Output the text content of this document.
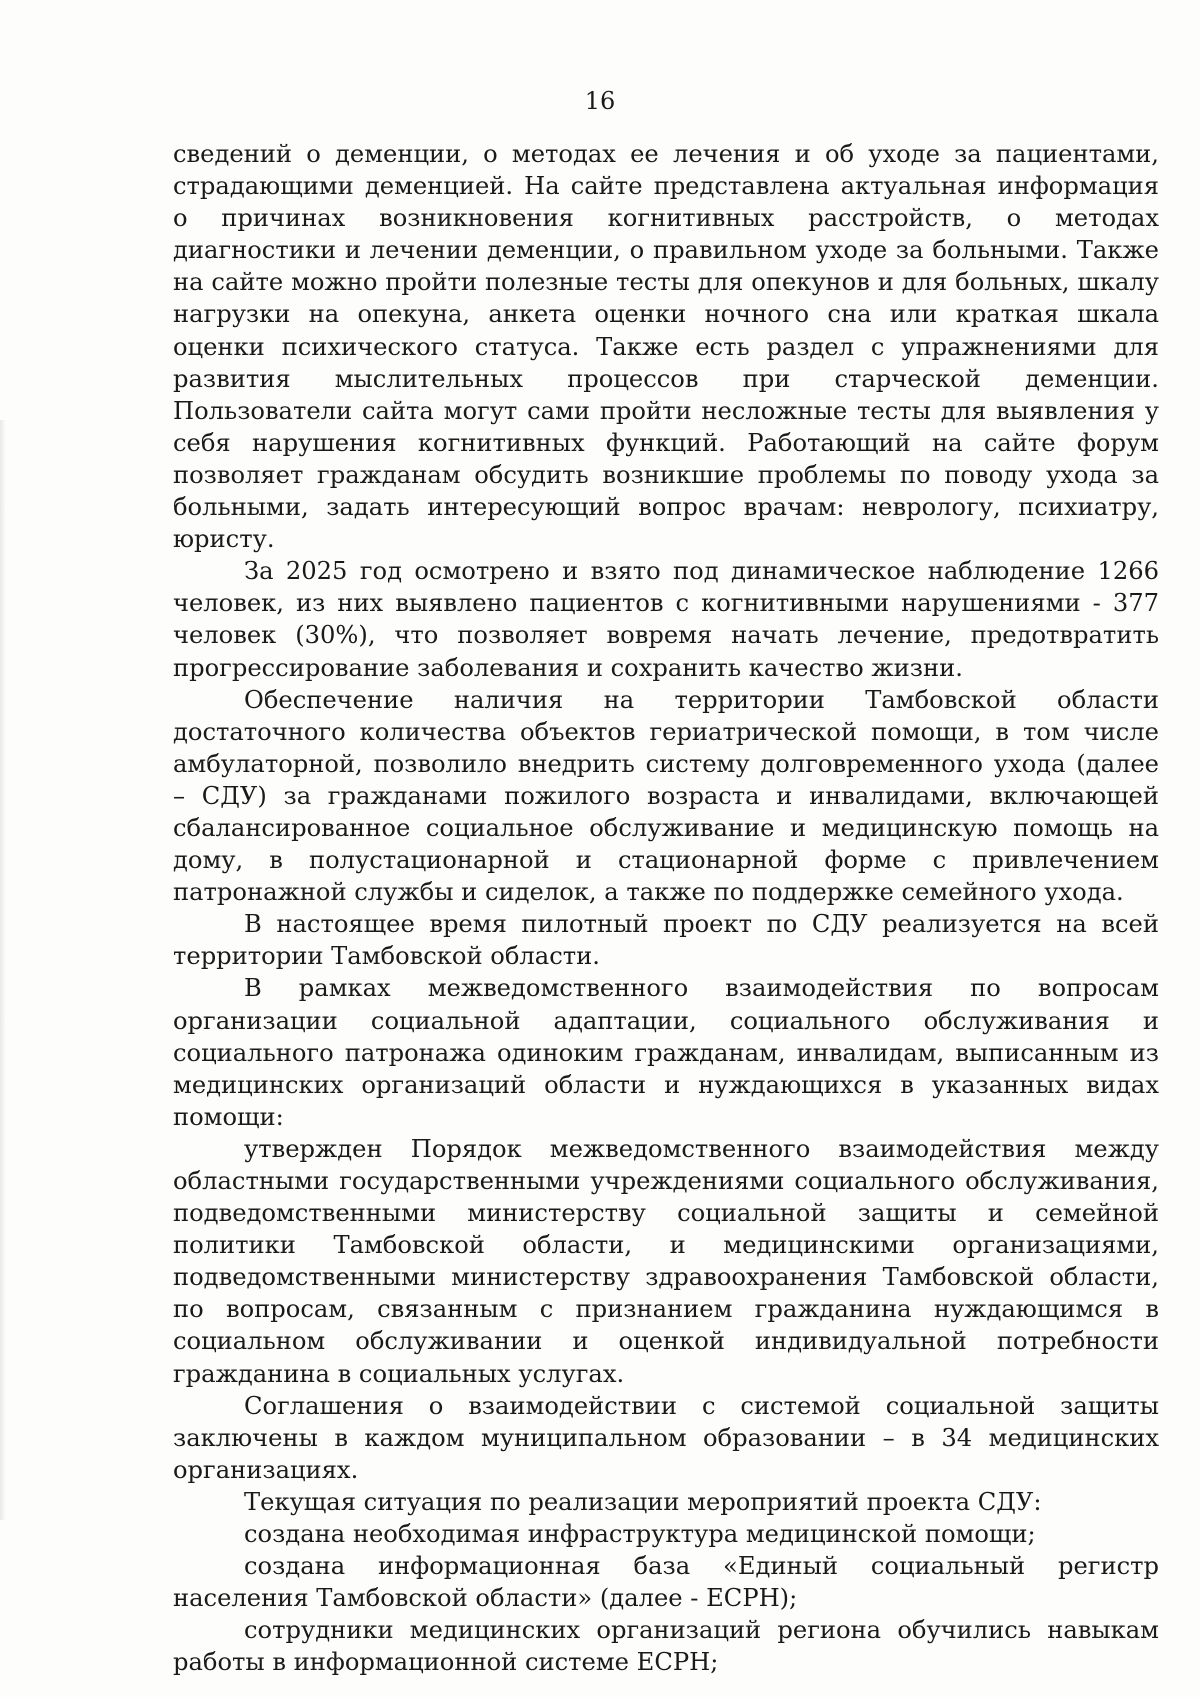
16

сведений о деменции, о методах ее лечения и об уходе за пациентами, страдающими деменцией. На сайте представлена актуальная информация о причинах возникновения когнитивных расстройств, о методах диагностики и лечении деменции, о правильном уходе за больными. Также на сайте можно пройти полезные тесты для опекунов и для больных, шкалу нагрузки на опекуна, анкета оценки ночного сна или краткая шкала оценки психического статуса. Также есть раздел с упражнениями для развития мыслительных процессов при старческой деменции. Пользователи сайта могут сами пройти несложные тесты для выявления у себя нарушения когнитивных функций. Работающий на сайте форум позволяет гражданам обсудить возникшие проблемы по поводу ухода за больными, задать интересующий вопрос врачам: неврологу, психиатру, юристу.

За 2025 год осмотрено и взято под динамическое наблюдение 1266 человек, из них выявлено пациентов с когнитивными нарушениями - 377 человек (30%), что позволяет вовремя начать лечение, предотвратить прогрессирование заболевания и сохранить качество жизни.

Обеспечение наличия на территории Тамбовской области достаточного количества объектов гериатрической помощи, в том числе амбулаторной, позволило внедрить систему долговременного ухода (далее – СДУ) за гражданами пожилого возраста и инвалидами, включающей сбалансированное социальное обслуживание и медицинскую помощь на дому, в полустационарной и стационарной форме с привлечением патронажной службы и сиделок, а также по поддержке семейного ухода.

В настоящее время пилотный проект по СДУ реализуется на всей территории Тамбовской области.

В рамках межведомственного взаимодействия по вопросам организации социальной адаптации, социального обслуживания и социального патронажа одиноким гражданам, инвалидам, выписанным из медицинских организаций области и нуждающихся в указанных видах помощи:

утвержден Порядок межведомственного взаимодействия между областными государственными учреждениями социального обслуживания, подведомственными министерству социальной защиты и семейной политики Тамбовской области, и медицинскими организациями, подведомственными министерству здравоохранения Тамбовской области, по вопросам, связанным с признанием гражданина нуждающимся в социальном обслуживании и оценкой индивидуальной потребности гражданина в социальных услугах.

Соглашения о взаимодействии с системой социальной защиты заключены в каждом муниципальном образовании – в 34 медицинских организациях.

Текущая ситуация по реализации мероприятий проекта СДУ:

создана необходимая инфраструктура медицинской помощи;

создана информационная база «Единый социальный регистр населения Тамбовской области» (далее - ЕСРН);

сотрудники медицинских организаций региона обучились навыкам работы в информационной системе ЕСРН;
